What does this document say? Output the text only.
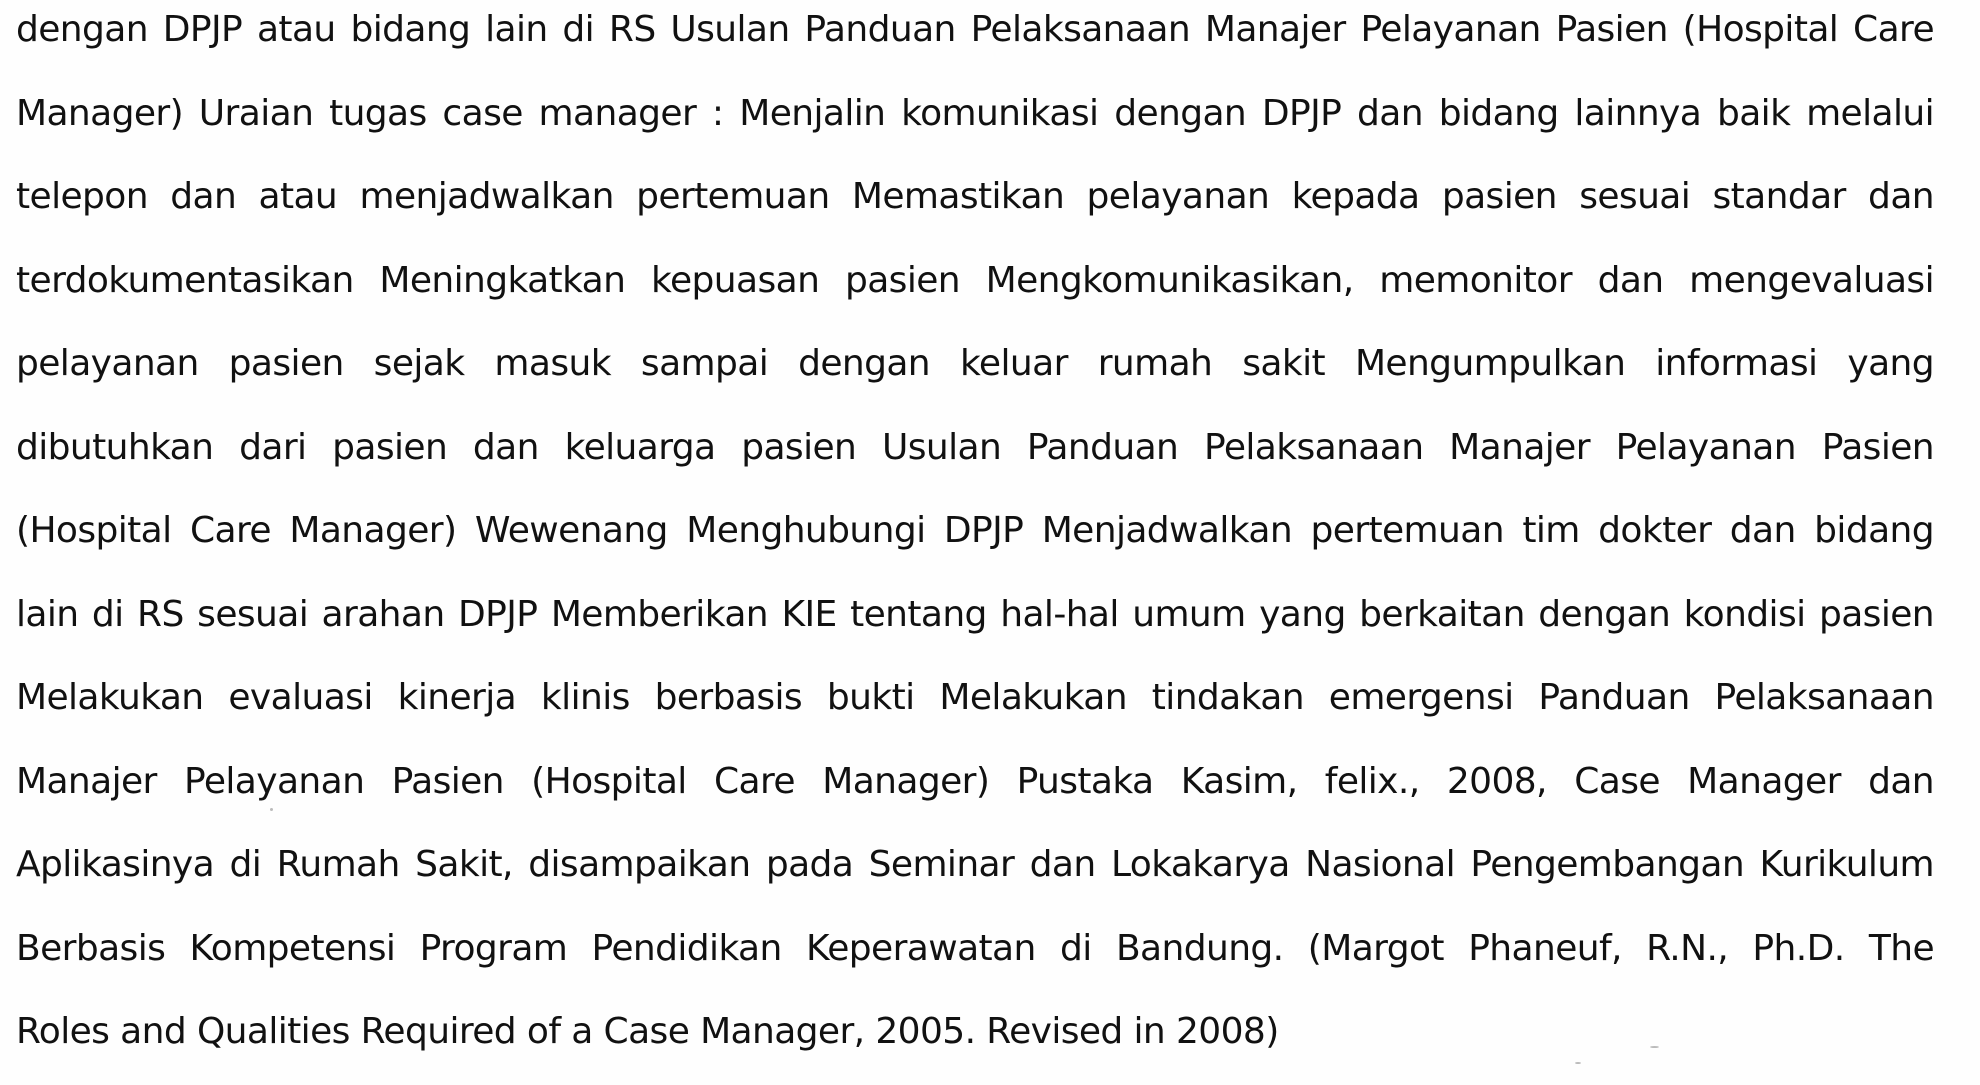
dengan DPJP atau bidang lain di RS Usulan Panduan Pelaksanaan Manajer Pelayanan Pasien (Hospital Care
Manager) Uraian tugas case manager : Menjalin komunikasi dengan DPJP dan bidang lainnya baik melalui
telepon dan atau menjadwalkan pertemuan Memastikan pelayanan kepada pasien sesuai standar dan
terdokumentasikan Meningkatkan kepuasan pasien Mengkomunikasikan, memonitor dan mengevaluasi
pelayanan pasien sejak masuk sampai dengan keluar rumah sakit Mengumpulkan informasi yang
dibutuhkan dari pasien dan keluarga pasien Usulan Panduan Pelaksanaan Manajer Pelayanan Pasien
(Hospital Care Manager) Wewenang Menghubungi DPJP Menjadwalkan pertemuan tim dokter dan bidang
lain di RS sesuai arahan DPJP Memberikan KIE tentang hal-hal umum yang berkaitan dengan kondisi pasien
Melakukan evaluasi kinerja klinis berbasis bukti Melakukan tindakan emergensi Panduan Pelaksanaan
Manajer Pelayanan Pasien (Hospital Care Manager) Pustaka Kasim, felix., 2008, Case Manager dan
Aplikasinya di Rumah Sakit, disampaikan pada Seminar dan Lokakarya Nasional Pengembangan Kurikulum
Berbasis Kompetensi Program Pendidikan Keperawatan di Bandung. (Margot Phaneuf, R.N., Ph.D. The
Roles and Qualities Required of a Case Manager, 2005. Revised in 2008)
